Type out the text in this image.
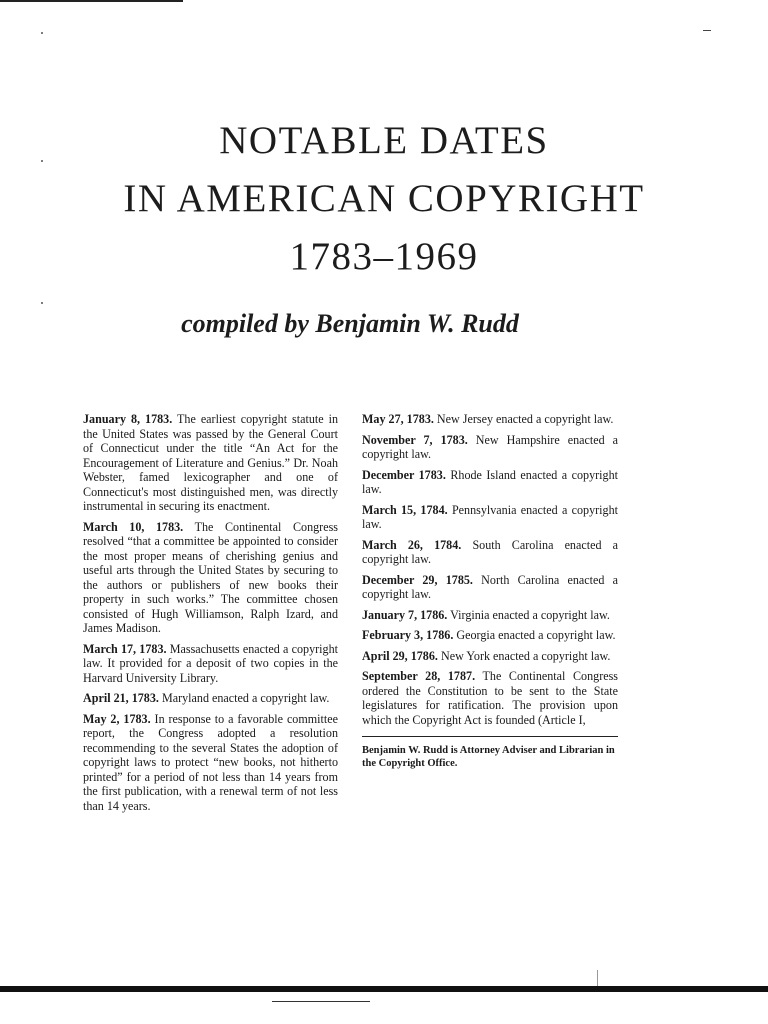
NOTABLE DATES
IN AMERICAN COPYRIGHT
1783–1969
compiled by Benjamin W. Rudd

January 8, 1783. The earliest copyright statute in the United States was passed by the General Court of Connecticut under the title “An Act for the Encouragement of Literature and Genius.” Dr. Noah Webster, famed lexicographer and one of Connecticut's most distinguished men, was directly instrumental in securing its enactment.

March 10, 1783. The Continental Congress resolved “that a committee be appointed to consider the most proper means of cherishing genius and useful arts through the United States by securing to the authors or publishers of new books their property in such works.” The committee chosen consisted of Hugh Williamson, Ralph Izard, and James Madison.

March 17, 1783. Massachusetts enacted a copyright law. It provided for a deposit of two copies in the Harvard University Library.

April 21, 1783. Maryland enacted a copyright law.

May 2, 1783. In response to a favorable committee report, the Congress adopted a resolution recommending to the several States the adoption of copyright laws to protect “new books, not hitherto printed” for a period of not less than 14 years from the first publication, with a renewal term of not less than 14 years.

May 27, 1783. New Jersey enacted a copyright law.

November 7, 1783. New Hampshire enacted a copyright law.

December 1783. Rhode Island enacted a copyright law.

March 15, 1784. Pennsylvania enacted a copyright law.

March 26, 1784. South Carolina enacted a copyright law.

December 29, 1785. North Carolina enacted a copyright law.

January 7, 1786. Virginia enacted a copyright law.

February 3, 1786. Georgia enacted a copyright law.

April 29, 1786. New York enacted a copyright law.

September 28, 1787. The Continental Congress ordered the Constitution to be sent to the State legislatures for ratification. The provision upon which the Copyright Act is founded (Article I,

Benjamin W. Rudd is Attorney Adviser and Librarian in the Copyright Office.
